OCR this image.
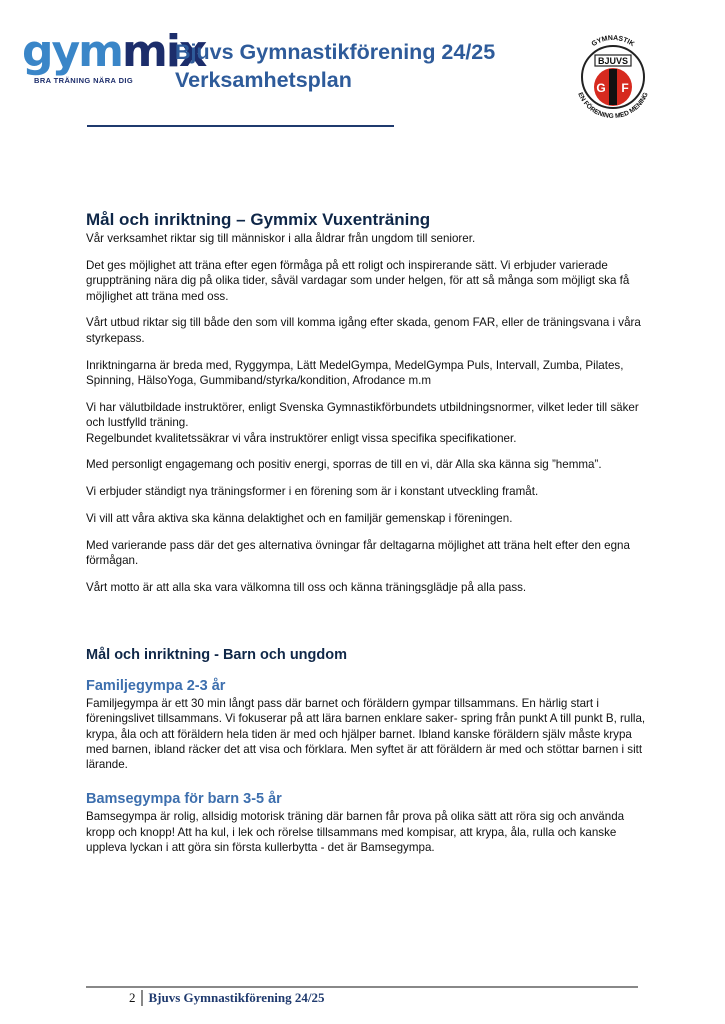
gymmix
BRA TRÄNING NÄRA DIG
Bjuvs Gymnastikförening 24/25
Verksamhetsplan
GYMNASTIK
BJUVS
G F
EN FÖRENING MED MENING
Mål och inriktning – Gymmix Vuxenträning

Vår verksamhet riktar sig till människor i alla åldrar från ungdom till seniorer.

Det ges möjlighet att träna efter egen förmåga på ett roligt och inspirerande sätt. Vi erbjuder varierade gruppträning nära dig på olika tider, såväl vardagar som under helgen, för att så många som möjligt ska få möjlighet att träna med oss.

Vårt utbud riktar sig till både den som vill komma igång efter skada, genom FAR, eller de träningsvana i våra styrkepass.

Inriktningarna är breda med, Ryggympa, Lätt MedelGympa, MedelGympa Puls, Intervall, Zumba, Pilates, Spinning, HälsoYoga, Gummiband/styrka/kondition, Afrodance m.m

Vi har välutbildade instruktörer, enligt Svenska Gymnastikförbundets utbildningsnormer, vilket leder till säker och lustfylld träning.
Regelbundet kvalitetssäkrar vi våra instruktörer enligt vissa specifika specifikationer.

Med personligt engagemang och positiv energi, sporras de till en vi, där Alla ska känna sig ”hemma”.

Vi erbjuder ständigt nya träningsformer i en förening som är i konstant utveckling framåt.

Vi vill att våra aktiva ska känna delaktighet och en familjär gemenskap i föreningen.

Med varierande pass där det ges alternativa övningar får deltagarna möjlighet att träna helt efter den egna förmågan.

Vårt motto är att alla ska vara välkomna till oss och känna träningsglädje på alla pass.

Mål och inriktning - Barn och ungdom
Familjegympa 2-3 år

Familjegympa är ett 30 min långt pass där barnet och föräldern gympar tillsammans. En härlig start i föreningslivet tillsammans. Vi fokuserar på att lära barnen enklare saker- spring från punkt A till punkt B, rulla, krypa, åla och att föräldern hela tiden är med och hjälper barnet. Ibland kanske föräldern själv måste krypa med barnen, ibland räcker det att visa och förklara. Men syftet är att föräldern är med och stöttar barnen i sitt lärande.

Bamsegympa för barn 3-5 år

Bamsegympa är rolig, allsidig motorisk träning där barnen får prova på olika sätt att röra sig och använda kropp och knopp! Att ha kul, i lek och rörelse tillsammans med kompisar, att krypa, åla, rulla och kanske uppleva lyckan i att göra sin första kullerbytta - det är Bamsegympa.

2 Bjuvs Gymnastikförening 24/25
